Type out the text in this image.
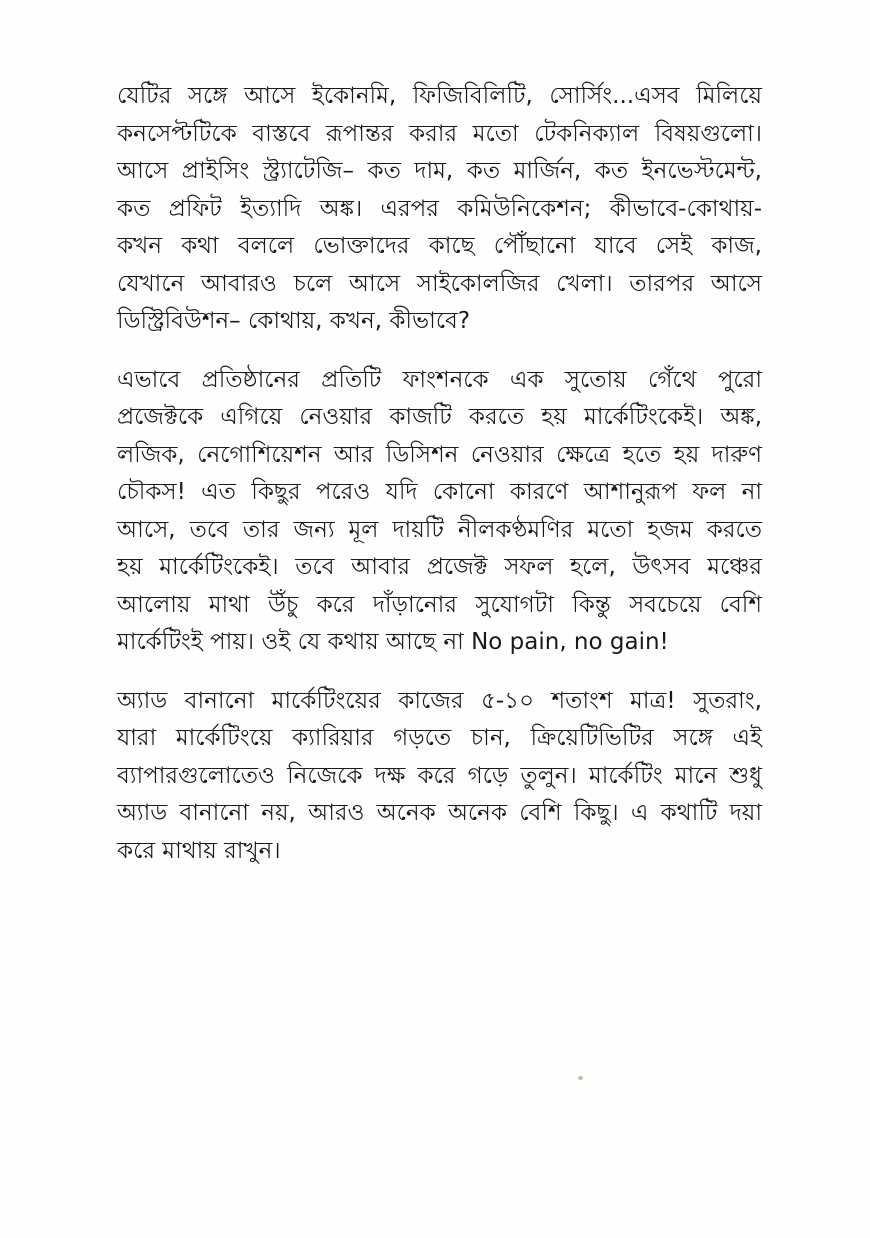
যেটির সঙ্গে আসে ইকোনমি, ফিজিবিলিটি, সোর্সিং...এসব মিলিয়ে
কনসেপ্টটিকে বাস্তবে রূপান্তর করার মতো টেকনিক্যাল বিষয়গুলো।
আসে প্রাইসিং স্ট্র্যাটেজি– কত দাম, কত মার্জিন, কত ইনভেস্টমেন্ট,
কত প্রফিট ইত্যাদি অঙ্ক। এরপর কমিউনিকেশন; কীভাবে-কোথায়-
কখন কথা বললে ভোক্তাদের কাছে পৌঁছানো যাবে সেই কাজ,
যেখানে আবারও চলে আসে সাইকোলজির খেলা। তারপর আসে
ডিস্ট্রিবিউশন– কোথায়, কখন, কীভাবে?

এভাবে প্রতিষ্ঠানের প্রতিটি ফাংশনকে এক সুতোয় গেঁথে পুরো
প্রজেক্টকে এগিয়ে নেওয়ার কাজটি করতে হয় মার্কেটিংকেই। অঙ্ক,
লজিক, নেগোশিয়েশন আর ডিসিশন নেওয়ার ক্ষেত্রে হতে হয় দারুণ
চৌকস! এত কিছুর পরেও যদি কোনো কারণে আশানুরূপ ফল না
আসে, তবে তার জন্য মূল দায়টি নীলকণ্ঠমণির মতো হজম করতে
হয় মার্কেটিংকেই। তবে আবার প্রজেক্ট সফল হলে, উৎসব মঞ্চের
আলোয় মাথা উঁচু করে দাঁড়ানোর সুযোগটা কিন্তু সবচেয়ে বেশি
মার্কেটিংই পায়। ওই যে কথায় আছে না No pain, no gain!

অ্যাড বানানো মার্কেটিংয়ের কাজের ৫-১০ শতাংশ মাত্র! সুতরাং,
যারা মার্কেটিংয়ে ক্যারিয়ার গড়তে চান, ক্রিয়েটিভিটির সঙ্গে এই
ব্যাপারগুলোতেও নিজেকে দক্ষ করে গড়ে তুলুন। মার্কেটিং মানে শুধু
অ্যাড বানানো নয়, আরও অনেক অনেক বেশি কিছু। এ কথাটি দয়া
করে মাথায় রাখুন।
